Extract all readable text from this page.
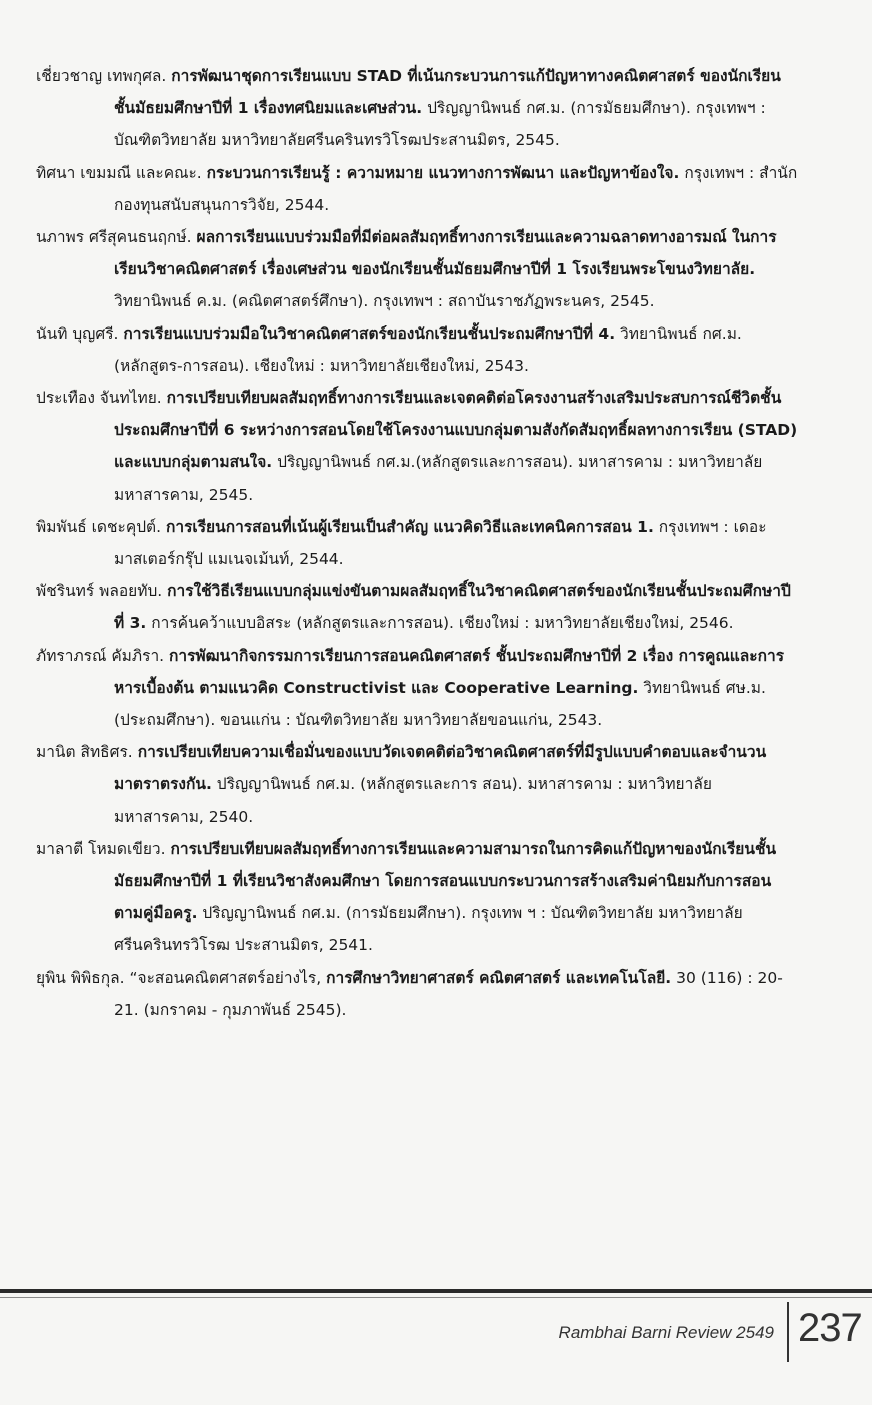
เชี่ยวชาญ เทพกุศล. การพัฒนาชุดการเรียนแบบ STAD ที่เน้นกระบวนการแก้ปัญหาทางคณิตศาสตร์ ของนักเรียนชั้นมัธยมศึกษาปีที่ 1 เรื่องทศนิยมและเศษส่วน. ปริญญานิพนธ์ กศ.ม. (การมัธยมศึกษา). กรุงเทพฯ : บัณฑิตวิทยาลัย มหาวิทยาลัยศรีนครินทรวิโรฒประสานมิตร, 2545.

ทิศนา เขมมณี และคณะ. กระบวนการเรียนรู้ : ความหมาย แนวทางการพัฒนา และปัญหาข้องใจ. กรุงเทพฯ : สำนักกองทุนสนับสนุนการวิจัย, 2544.

นภาพร ศรีสุคนธนฤกษ์. ผลการเรียนแบบร่วมมือที่มีต่อผลสัมฤทธิ์ทางการเรียนและความฉลาดทางอารมณ์ ในการเรียนวิชาคณิตศาสตร์ เรื่องเศษส่วน ของนักเรียนชั้นมัธยมศึกษาปีที่ 1 โรงเรียนพระโขนงวิทยาลัย. วิทยานิพนธ์ ค.ม. (คณิตศาสตร์ศึกษา). กรุงเทพฯ : สถาบันราชภัฏพระนคร, 2545.

นันทิ บุญศรี. การเรียนแบบร่วมมือในวิชาคณิตศาสตร์ของนักเรียนชั้นประถมศึกษาปีที่ 4. วิทยานิพนธ์ กศ.ม. (หลักสูตร-การสอน). เชียงใหม่ : มหาวิทยาลัยเชียงใหม่, 2543.

ประเทือง จันทไทย. การเปรียบเทียบผลสัมฤทธิ์ทางการเรียนและเจตคติต่อโครงงานสร้างเสริมประสบการณ์ชีวิตชั้นประถมศึกษาปีที่ 6 ระหว่างการสอนโดยใช้โครงงานแบบกลุ่มตามสังกัดสัมฤทธิ์ผลทางการเรียน (STAD) และแบบกลุ่มตามสนใจ. ปริญญานิพนธ์ กศ.ม.(หลักสูตรและการสอน). มหาสารคาม : มหาวิทยาลัยมหาสารคาม, 2545.

พิมพันธ์ เดชะคุปต์. การเรียนการสอนที่เน้นผู้เรียนเป็นสำคัญ แนวคิดวิธีและเทคนิคการสอน 1. กรุงเทพฯ : เดอะมาสเตอร์กรุ๊ป แมเนจเม้นท์, 2544.

พัชรินทร์ พลอยทับ. การใช้วิธีเรียนแบบกลุ่มแข่งขันตามผลสัมฤทธิ์ในวิชาคณิตศาสตร์ของนักเรียนชั้นประถมศึกษาปีที่ 3. การค้นคว้าแบบอิสระ (หลักสูตรและการสอน). เชียงใหม่ : มหาวิทยาลัยเชียงใหม่, 2546.

ภัทราภรณ์ คัมภิรา. การพัฒนากิจกรรมการเรียนการสอนคณิตศาสตร์ ชั้นประถมศึกษาปีที่ 2 เรื่อง การคูณและการหารเบื้องต้น ตามแนวคิด Constructivist และ Cooperative Learning. วิทยานิพนธ์ ศษ.ม. (ประถมศึกษา). ขอนแก่น : บัณฑิตวิทยาลัย มหาวิทยาลัยขอนแก่น, 2543.

มานิต สิทธิศร. การเปรียบเทียบความเชื่อมั่นของแบบวัดเจตคติต่อวิชาคณิตศาสตร์ที่มีรูปแบบคำตอบและจำนวนมาตราตรงกัน. ปริญญานิพนธ์ กศ.ม. (หลักสูตรและการ สอน). มหาสารคาม : มหาวิทยาลัยมหาสารคาม, 2540.

มาลาตี โหมดเขียว. การเปรียบเทียบผลสัมฤทธิ์ทางการเรียนและความสามารถในการคิดแก้ปัญหาของนักเรียนชั้นมัธยมศึกษาปีที่ 1 ที่เรียนวิชาสังคมศึกษา โดยการสอนแบบกระบวนการสร้างเสริมค่านิยมกับการสอนตามคู่มือครู. ปริญญานิพนธ์ กศ.ม. (การมัธยมศึกษา). กรุงเทพ ฯ : บัณฑิตวิทยาลัย มหาวิทยาลัยศรีนครินทรวิโรฒ ประสานมิตร, 2541.

ยุพิน พิพิธกุล. “จะสอนคณิตศาสตร์อย่างไร, การศึกษาวิทยาศาสตร์ คณิตศาสตร์ และเทคโนโลยี. 30 (116) : 20-21. (มกราคม - กุมภาพันธ์ 2545).

Rambhai Barni Review 2549 237
